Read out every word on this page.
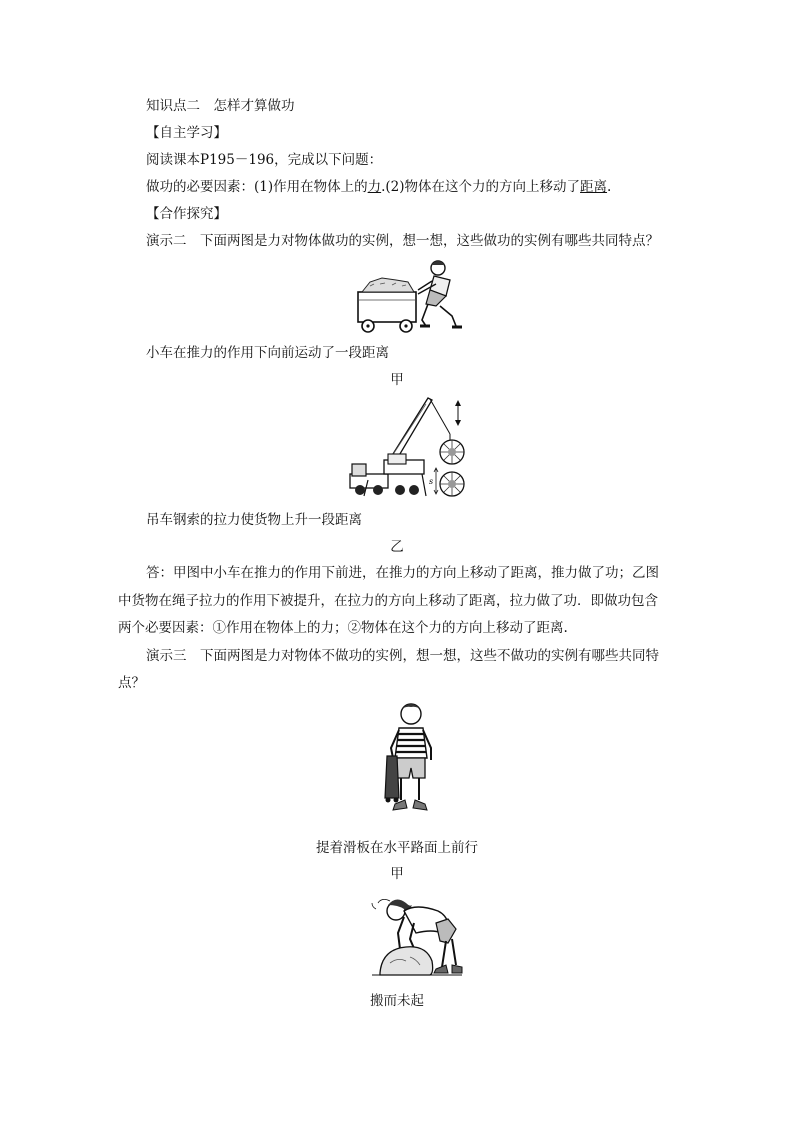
知识点二　怎样才算做功
【自主学习】
阅读课本P195－196，完成以下问题：
做功的必要因素：(1)作用在物体上的力.(2)物体在这个力的方向上移动了距离.
【合作探究】
演示二　下面两图是力对物体做功的实例，想一想，这些做功的实例有哪些共同特点？
小车在推力的作用下向前运动了一段距离
甲
s
吊车钢索的拉力使货物上升一段距离
乙
答：甲图中小车在推力的作用下前进，在推力的方向上移动了距离，推力做了功；乙图
中货物在绳子拉力的作用下被提升，在拉力的方向上移动了距离，拉力做了功．即做功包含
两个必要因素：①作用在物体上的力；②物体在这个力的方向上移动了距离.
演示三　下面两图是力对物体不做功的实例，想一想，这些不做功的实例有哪些共同特
点？
提着滑板在水平路面上前行
甲
搬而未起
